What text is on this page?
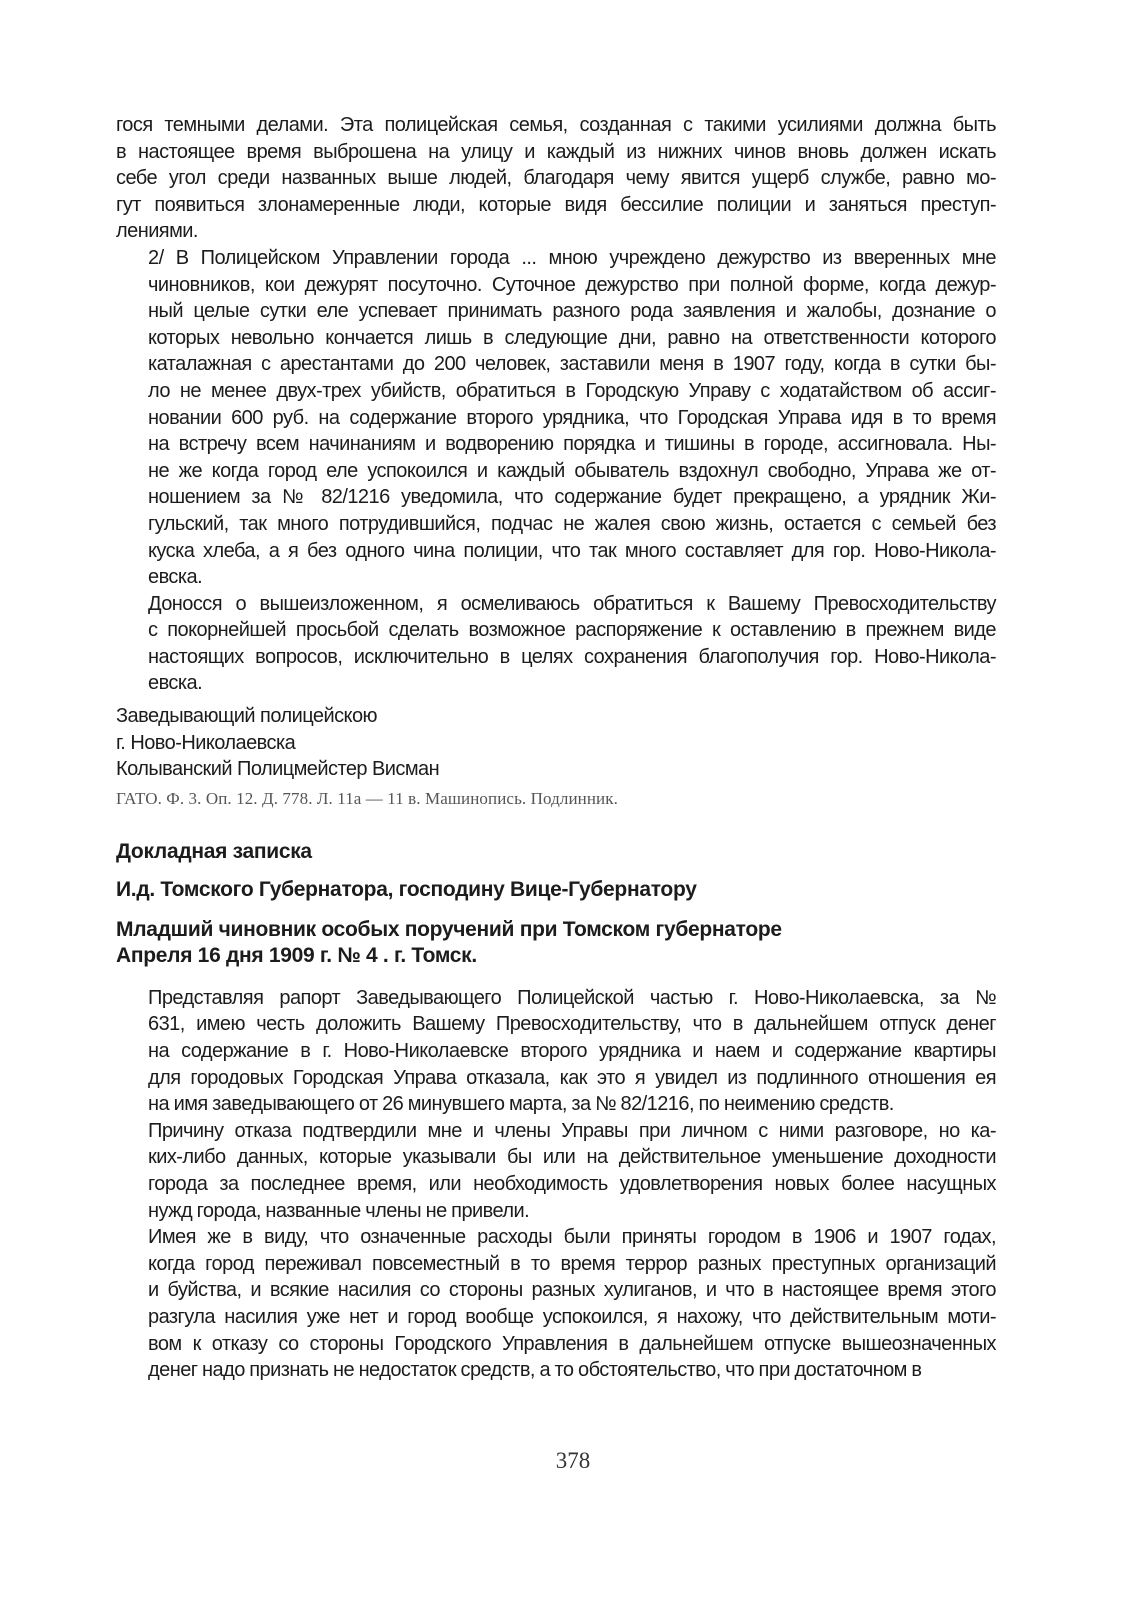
гося темными делами. Эта полицейская семья, созданная с такими усилиями должна быть
в настоящее время выброшена на улицу и каждый из нижних чинов вновь должен искать
себе угол среди названных выше людей, благодаря чему явится ущерб службе, равно мо-
гут появиться злонамеренные люди, которые видя бессилие полиции и заняться преступ-
лениями.

2/ В Полицейском Управлении города ... мною учреждено дежурство из вверенных мне
чиновников, кои дежурят посуточно. Суточное дежурство при полной форме, когда дежур-
ный целые сутки еле успевает принимать разного рода заявления и жалобы, дознание о
которых невольно кончается лишь в следующие дни, равно на ответственности которого
каталажная с арестантами до 200 человек, заставили меня в 1907 году, когда в сутки бы-
ло не менее двух-трех убийств, обратиться в Городскую Управу с ходатайством об ассиг-
новании 600 руб. на содержание второго урядника, что Городская Управа идя в то время
на встречу всем начинаниям и водворению порядка и тишины в городе, ассигновала. Ны-
не же когда город еле успокоился и каждый обыватель вздохнул свободно, Управа же от-
ношением за № 82/1216 уведомила, что содержание будет прекращено, а урядник Жи-
гульский, так много потрудившийся, подчас не жалея свою жизнь, остается с семьей без
куска хлеба, а я без одного чина полиции, что так много составляет для гор. Ново-Николa-
евска.

Доносся о вышеизложенном, я осмеливаюсь обратиться к Вашему Превосходительству
с покорнейшей просьбой сделать возможное распоряжение к оставлению в прежнем виде
настоящих вопросов, исключительно в целях сохранения благополучия гор. Ново-Никола-
евска.

Заведывающий полицейскою
г. Ново-Николаевска
Колыванский Полицмейстер Висман

ГАТО. Ф. 3. Оп. 12. Д. 778. Л. 11а — 11 в. Машинопись. Подлинник.

Докладная записка

И.д. Томского Губернатора, господину Вице-Губернатору

Младший чиновник особых поручений при Томском губернаторе
Апреля 16 дня 1909 г. № 4 . г. Томск.

Представляя рапорт Заведывающего Полицейской частью г. Ново-Николаевска, за №
631, имею честь доложить Вашему Превосходительству, что в дальнейшем отпуск денег
на содержание в г. Ново-Николаевске второго урядника и наем и содержание квартиры
для городовых Городская Управа отказала, как это я увидел из подлинного отношения ея
на имя заведывающего от 26 минувшего марта, за № 82/1216, по неимению средств.

Причину отказа подтвердили мне и члены Управы при личном с ними разговоре, но ка-
ких-либо данных, которые указывали бы или на действительное уменьшение доходности
города за последнее время, или необходимость удовлетворения новых более насущных
нужд города, названные члены не привели.

Имея же в виду, что означенные расходы были приняты городом в 1906 и 1907 годах,
когда город переживал повсеместный в то время террор разных преступных организаций
и буйства, и всякие насилия со стороны разных хулиганов, и что в настоящее время этого
разгула насилия уже нет и город вообще успокоился, я нахожу, что действительным моти-
вом к отказу со стороны Городского Управления в дальнейшем отпуске вышеозначенных
денег надо признать не недостаток средств, а то обстоятельство, что при достаточном в

378
